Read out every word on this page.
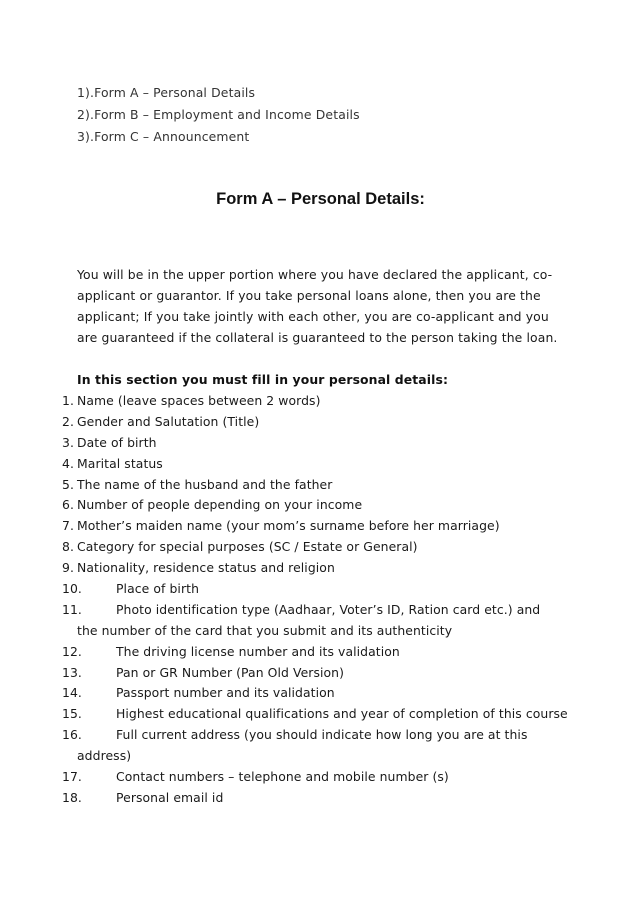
1).Form A – Personal Details
2).Form B – Employment and Income Details
3).Form C – Announcement
Form A – Personal Details:
You will be in the upper portion where you have declared the applicant, co-
applicant or guarantor. If you take personal loans alone, then you are the
applicant; If you take jointly with each other, you are co-applicant and you
are guaranteed if the collateral is guaranteed to the person taking the loan.
In this section you must fill in your personal details:
1. Name (leave spaces between 2 words)
2. Gender and Salutation (Title)
3. Date of birth
4. Marital status
5. The name of the husband and the father
6. Number of people depending on your income
7. Mother’s maiden name (your mom’s surname before her marriage)
8. Category for special purposes (SC / Estate or General)
9. Nationality, residence status and religion
10.	Place of birth
11.	Photo identification type (Aadhaar, Voter’s ID, Ration card etc.) and
the number of the card that you submit and its authenticity
12.	The driving license number and its validation
13.	Pan or GR Number (Pan Old Version)
14.	Passport number and its validation
15.	Highest educational qualifications and year of completion of this course
16.	Full current address (you should indicate how long you are at this
address)
17.	Contact numbers – telephone and mobile number (s)
18.	Personal email id
